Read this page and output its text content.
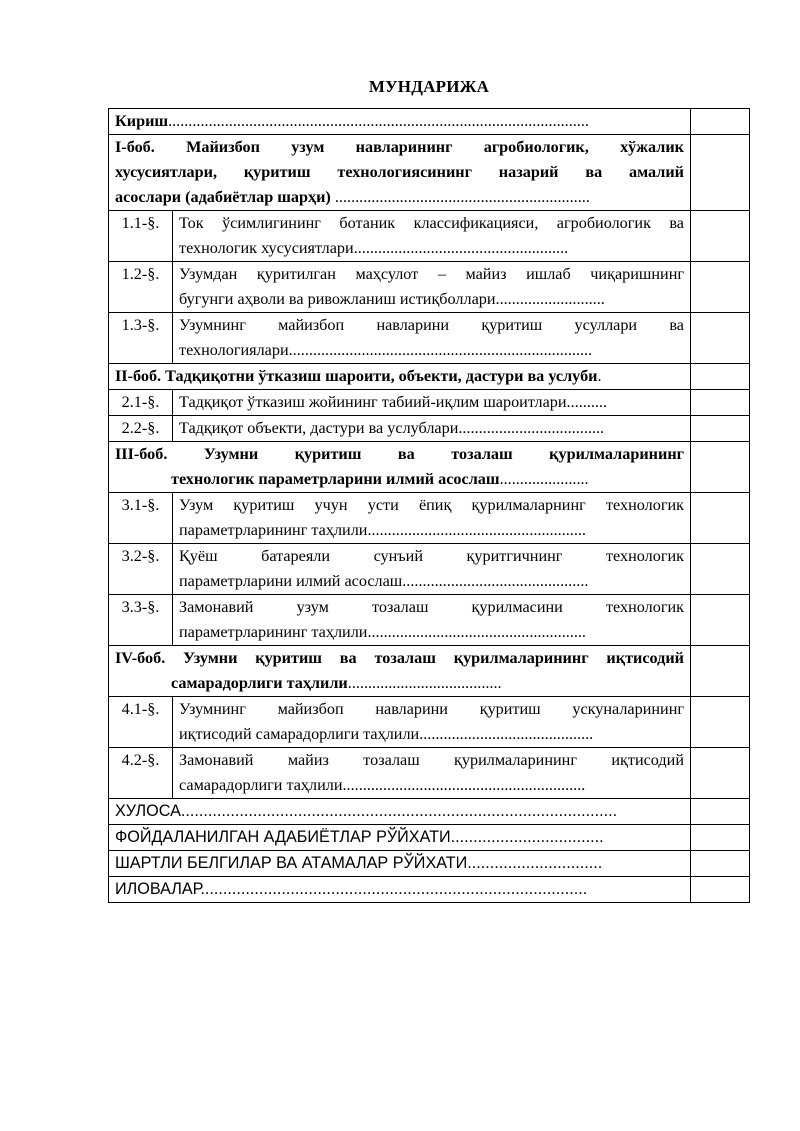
МУНДАРИЖА
Кириш........................................................................................................		

I-боб. Майизбоп узум навларининг агробиологик, хўжалик
хусусиятлари, қуритиш технологиясининг назарий ва амалий
асослари (адабиётлар шарҳи) ...............................................................		

1.1-§.	Ток ўсимлигининг ботаник классификацияси, агробиологик ва
технологик хусусиятлари.....................................................	

1.2-§.	Узумдан қуритилган маҳсулот – майиз ишлаб чиқаришнинг
бугунги аҳволи ва ривожланиш истиқболлари...........................	

1.3-§.	Узумнинг майизбоп навларини қуритиш усуллари ва
технологиялари...........................................................................	

II-боб. Тадқиқотни ўтказиш шароити, объекти, дастури ва услуби.		
2.1-§.	Тадқиқот ўтказиш жойининг табиий-иқлим шароитлари..........	
2.2-§.	Тадқиқот объекти, дастури ва услублари....................................	

III-боб. Узумни қуритиш ва тозалаш қурилмаларининг
технологик параметрларини илмий асослаш......................		

3.1-§.	Узум қуритиш учун усти ёпиқ қурилмаларнинг технологик
параметрларининг таҳлили......................................................	

3.2-§.	Қуёш батареяли сунъий қуритгичнинг технологик
параметрларини илмий асослаш..............................................	

3.3-§.	Замонавий узум тозалаш қурилмасини технологик
параметрларининг таҳлили......................................................	

IV-боб. Узумни қуритиш ва тозалаш қурилмаларининг иқтисодий
самарадорлиги таҳлили......................................		

4.1-§.	Узумнинг майизбоп навларини қуритиш ускуналарининг
иқтисодий самарадорлиги таҳлили...........................................	

4.2-§.	Замонавий майиз тозалаш қурилмаларининг иқтисодий
самарадорлиги таҳлили............................................................	

ХУЛОСА.................................................................................................		
ФОЙДАЛАНИЛГАН АДАБИЁТЛАР РЎЙХАТИ..................................		
ШАРТЛИ БЕЛГИЛАР ВА АТАМАЛАР РЎЙХАТИ..............................		
ИЛОВАЛАР......................................................................................		
